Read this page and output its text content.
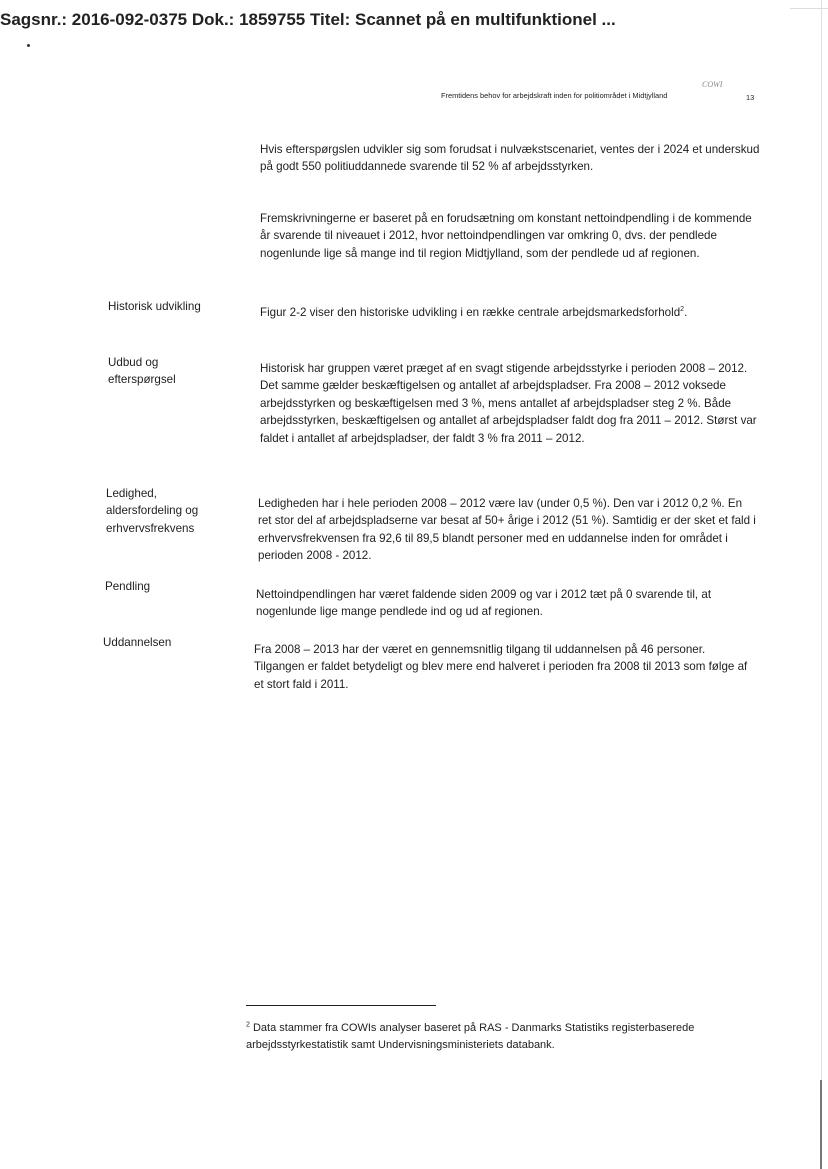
Sagsnr.: 2016-092-0375 Dok.: 1859755 Titel: Scannet på en multifunktionel ...
COWI
Fremtidens behov for arbejdskraft inden for politiområdet i Midtjylland	13
Hvis efterspørgslen udvikler sig som forudsat i nulvækstscenariet, ventes der i 2024 et underskud på godt 550 politiuddannede svarende til 52 % af arbejdsstyrken.
Fremskrivningerne er baseret på en forudsætning om konstant nettoindpendling i de kommende år svarende til niveauet i 2012, hvor nettoindpendlingen var omkring 0, dvs. der pendlede nogenlunde lige så mange ind til region Midtjylland, som der pendlede ud af regionen.
Historisk udvikling	Figur 2-2 viser den historiske udvikling i en række centrale arbejdsmarkedsforhold$^2$.
Udbud og efterspørgsel
Historisk har gruppen været præget af en svagt stigende arbejdsstyrke i perioden 2008 – 2012. Det samme gælder beskæftigelsen og antallet af arbejdspladser. Fra 2008 – 2012 voksede arbejdsstyrken og beskæftigelsen med 3 %, mens antallet af arbejdspladser steg 2 %. Både arbejdsstyrken, beskæftigelsen og antallet af arbejdspladser faldt dog fra 2011 – 2012. Størst var faldet i antallet af arbejdspladser, der faldt 3 % fra 2011 – 2012.
Ledighed, aldersfordeling og erhvervsfrekvens
Ledigheden har i hele perioden 2008 – 2012 være lav (under 0,5 %). Den var i 2012 0,2 %. En ret stor del af arbejdspladserne var besat af 50+ årige i 2012 (51 %). Samtidig er der sket et fald i erhvervsfrekvensen fra 92,6 til 89,5 blandt personer med en uddannelse inden for området i perioden 2008 - 2012.
Pendling
Nettoindpendlingen har været faldende siden 2009 og var i 2012 tæt på 0 svarende til, at nogenlunde lige mange pendlede ind og ud af regionen.
Uddannelsen
Fra 2008 – 2013 har der været en gennemsnitlig tilgang til uddannelsen på 46 personer. Tilgangen er faldet betydeligt og blev mere end halveret i perioden fra 2008 til 2013 som følge af et stort fald i 2011.
$^2$ Data stammer fra COWIs analyser baseret på RAS - Danmarks Statistiks registerbaserede arbejdsstyrkestatistik samt Undervisningsministeriets databank.
